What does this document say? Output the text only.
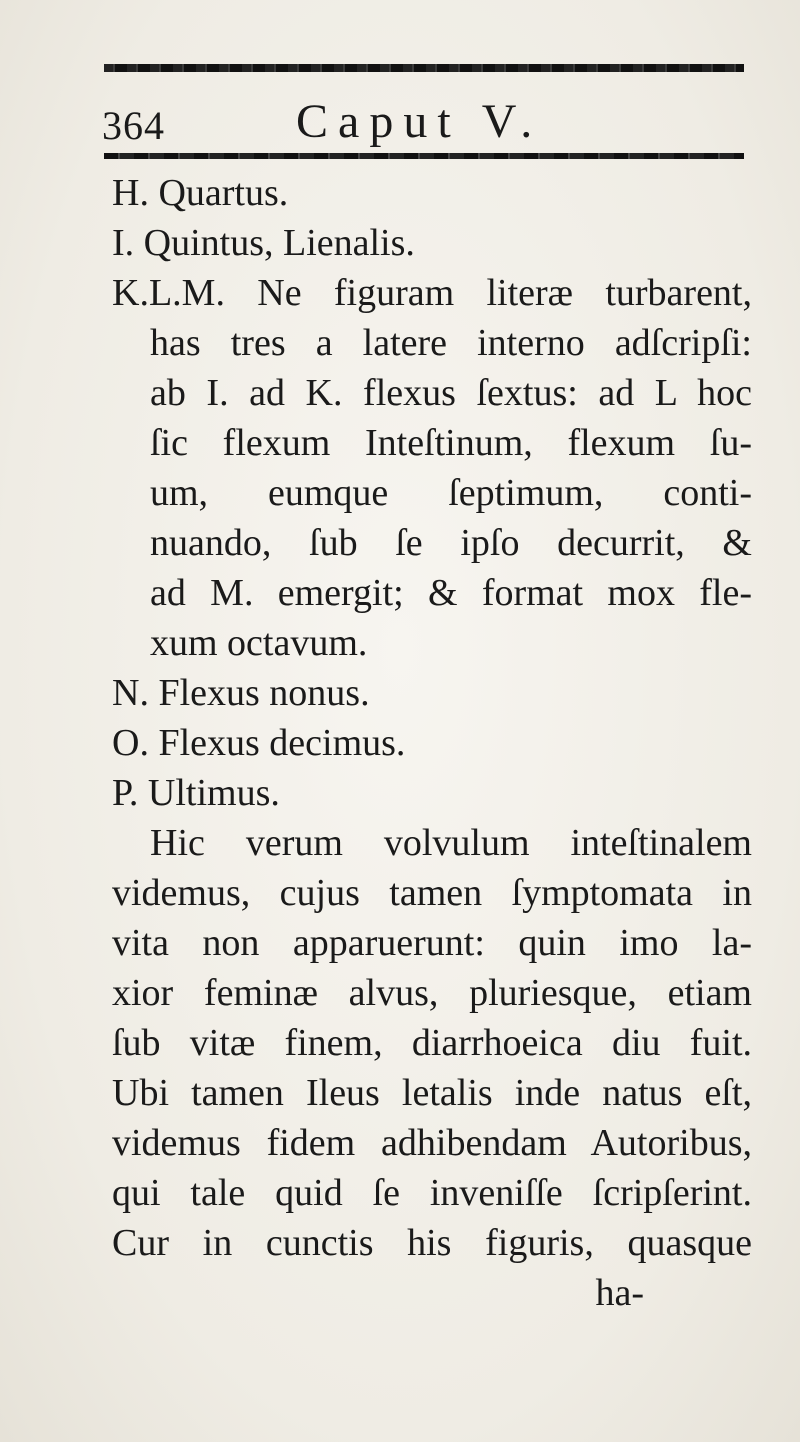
364	Caput V.
H. Quartus.
I. Quintus, Lienalis.
K.L.M. Ne figuram literæ turbarent,
has tres a latere interno adſcripſi:
ab I. ad K. flexus ſextus: ad L hoc
ſic flexum Inteſtinum, flexum ſu-
um, eumque ſeptimum, conti-
nuando, ſub ſe ipſo decurrit, &
ad M. emergit; & format mox fle-
xum octavum.
N. Flexus nonus.
O. Flexus decimus.
P. Ultimus.
Hic verum volvulum inteſtinalem
videmus, cujus tamen ſymptomata in
vita non apparuerunt: quin imo la-
xior feminæ alvus, pluriesque, etiam
ſub vitæ finem, diarrhoeica diu fuit.
Ubi tamen Ileus letalis inde natus eſt,
videmus fidem adhibendam Autoribus,
qui tale quid ſe inveniſſe ſcripſerint.
Cur in cunctis his figuris, quasque
ha-
